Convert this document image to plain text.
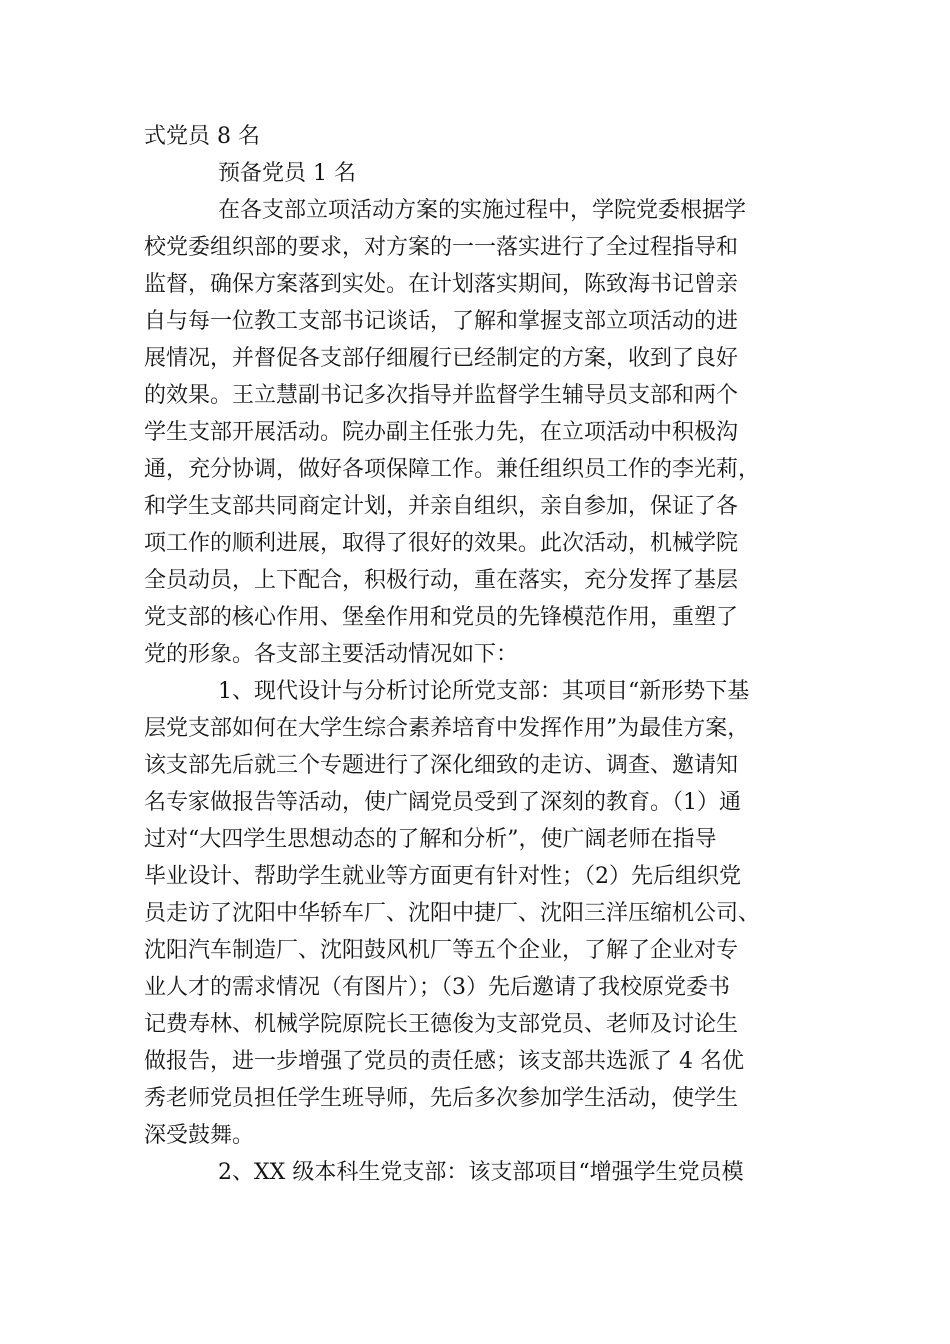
式党员 8 名
预备党员 1 名
在各支部立项活动方案的实施过程中，学院党委根据学
校党委组织部的要求，对方案的一一落实进行了全过程指导和
监督，确保方案落到实处。在计划落实期间，陈致海书记曾亲
自与每一位教工支部书记谈话，了解和掌握支部立项活动的进
展情况，并督促各支部仔细履行已经制定的方案，收到了良好
的效果。王立慧副书记多次指导并监督学生辅导员支部和两个
学生支部开展活动。院办副主任张力先，在立项活动中积极沟
通，充分协调，做好各项保障工作。兼任组织员工作的李光莉，
和学生支部共同商定计划，并亲自组织，亲自参加，保证了各
项工作的顺利进展，取得了很好的效果。此次活动，机械学院
全员动员，上下配合，积极行动，重在落实，充分发挥了基层
党支部的核心作用、堡垒作用和党员的先锋模范作用，重塑了
党的形象。各支部主要活动情况如下：
1、现代设计与分析讨论所党支部：其项目“新形势下基
层党支部如何在大学生综合素养培育中发挥作用”为最佳方案，
该支部先后就三个专题进行了深化细致的走访、调查、邀请知
名专家做报告等活动，使广阔党员受到了深刻的教育。（1）通
过对“大四学生思想动态的了解和分析”，使广阔老师在指导
毕业设计、帮助学生就业等方面更有针对性；（2）先后组织党
员走访了沈阳中华轿车厂、沈阳中捷厂、沈阳三洋压缩机公司、
沈阳汽车制造厂、沈阳鼓风机厂等五个企业，了解了企业对专
业人才的需求情况（有图片）；（3）先后邀请了我校原党委书
记费寿林、机械学院原院长王德俊为支部党员、老师及讨论生
做报告，进一步增强了党员的责任感；该支部共选派了 4 名优
秀老师党员担任学生班导师，先后多次参加学生活动，使学生
深受鼓舞。
2、XX 级本科生党支部：该支部项目“增强学生党员模
